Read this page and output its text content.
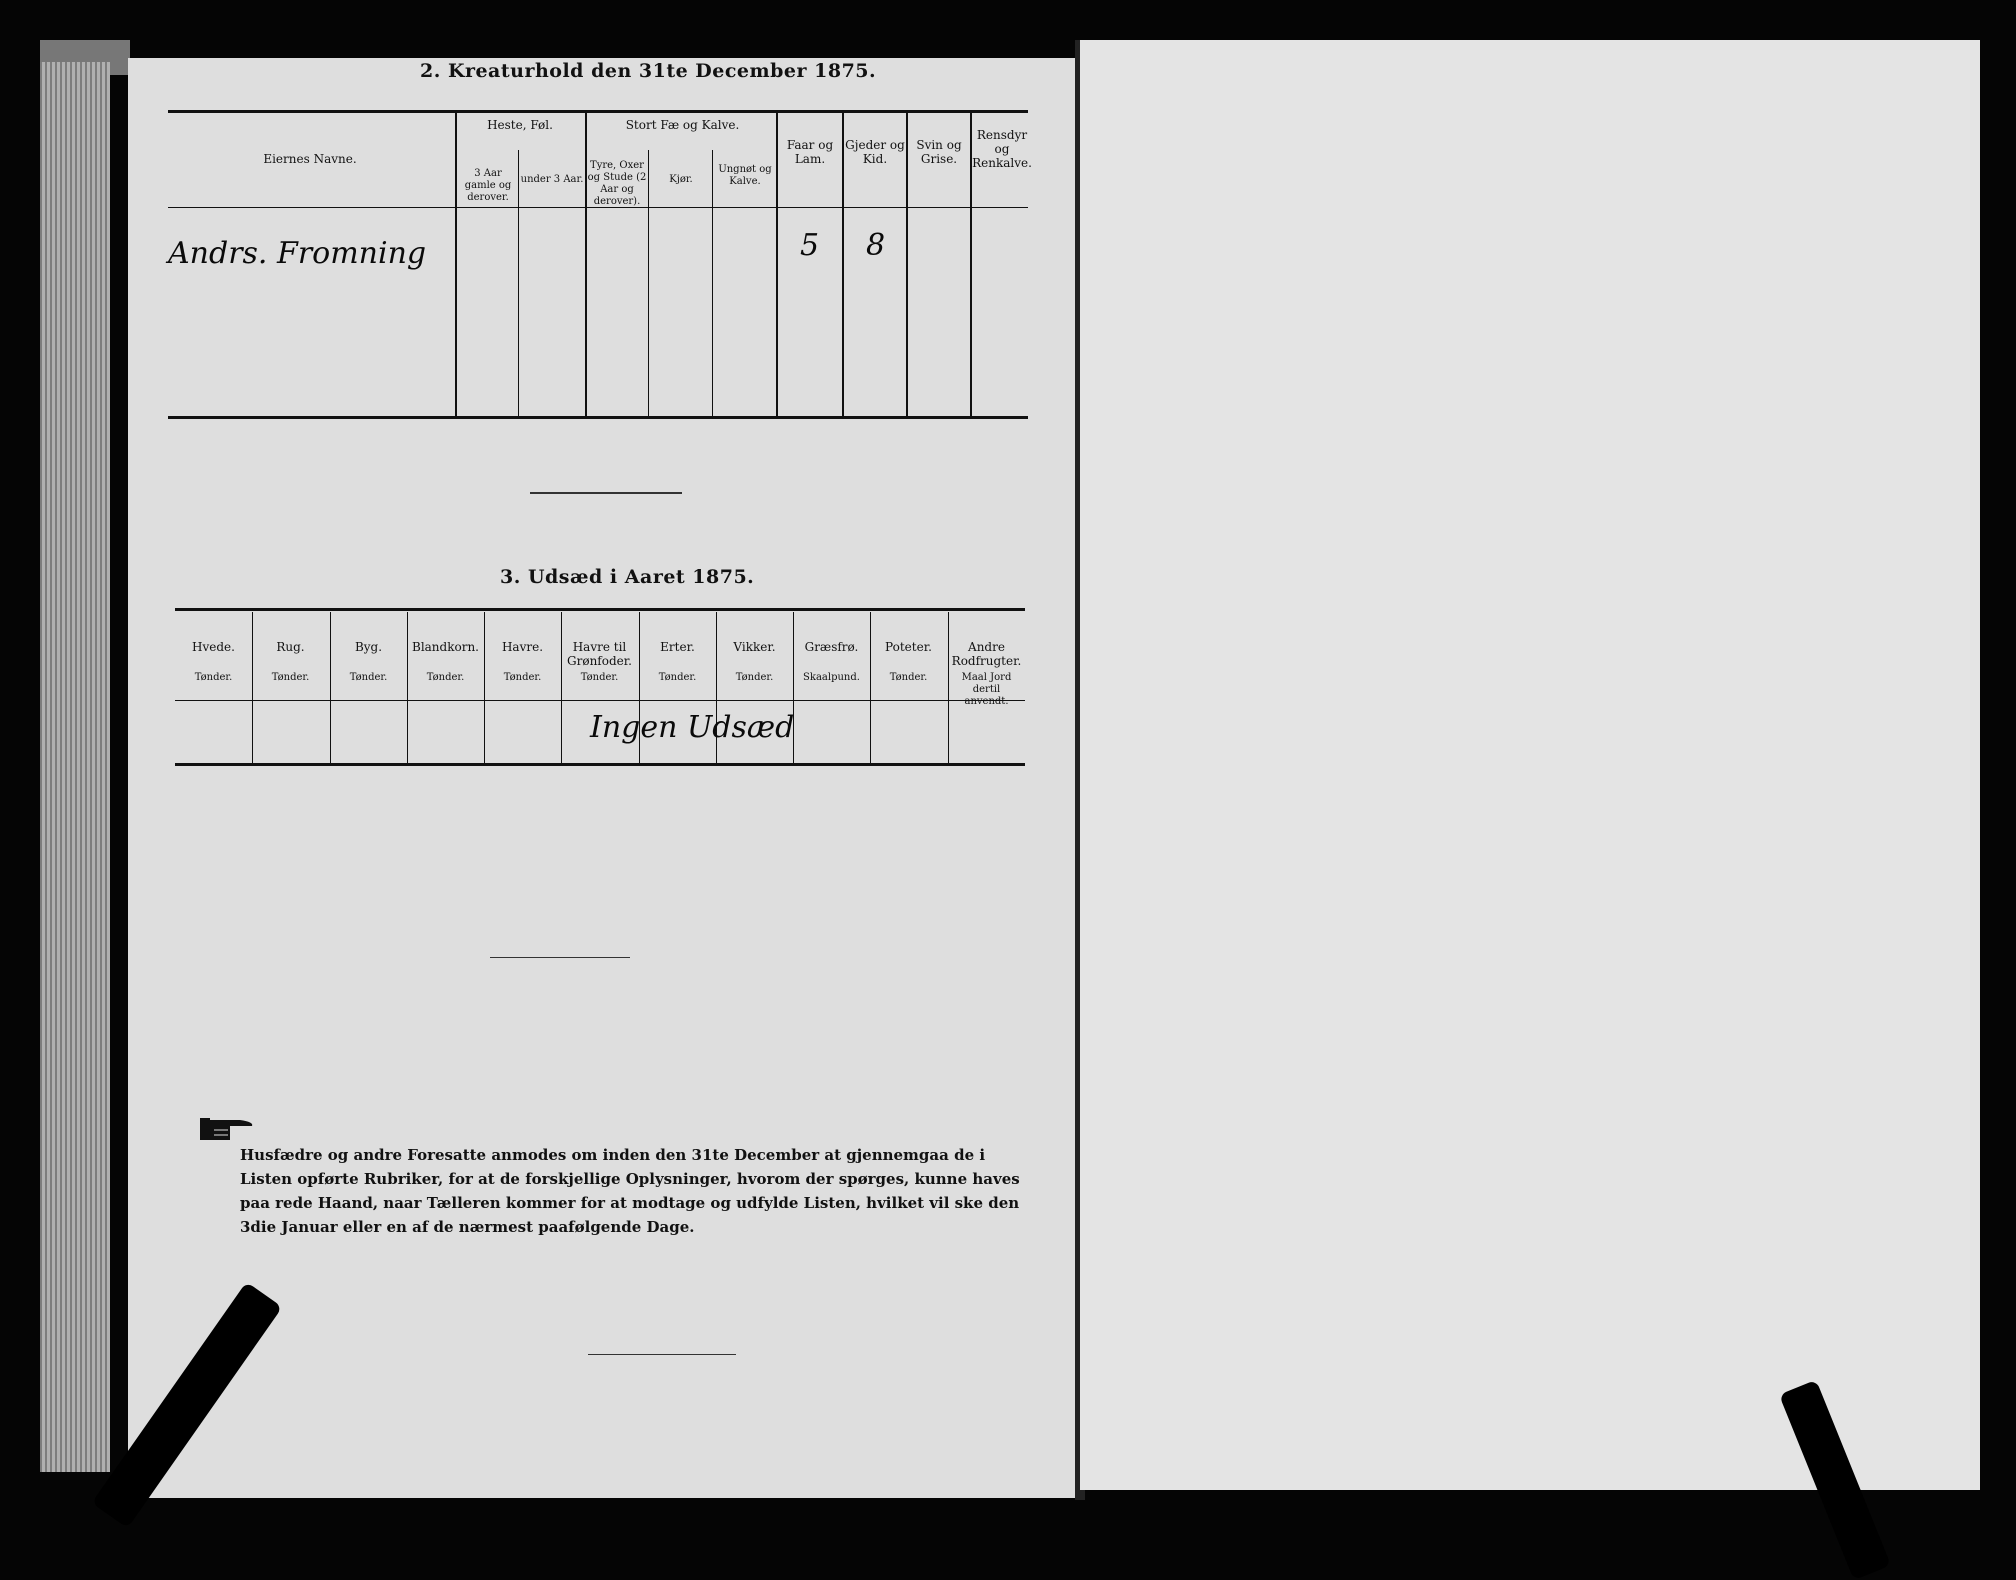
2. Kreaturhold den 31te December 1875.
Eiernes Navne.
Heste, Føl.
3 Aar gamle og derover.
under 3 Aar.
Stort Fæ og Kalve.
Tyre, Oxer og Stude (2 Aar og derover).
Kjør.
Ungnøt og Kalve.
Faar og Lam.
Gjeder og Kid.
Svin og Grise.
Rensdyr og Renkalve.
Andrs. Fromning	5 8
3. Udsæd i Aaret 1875.
Hvede.
Tønder.
Rug.
Tønder.
Byg.
Tønder.
Blandkorn.
Tønder.
Havre.
Tønder.
Havre til Grønfoder.
Tønder.
Erter.
Tønder.
Vikker.
Tønder.
Græsfrø.
Skaalpund.
Poteter.
Tønder.
Andre Rodfrugter.
Maal Jord dertil anvendt.
Ingen Udsæd
Husfædre og andre Foresatte anmodes om inden den 31te December at gjennemgaa de i Listen opførte Rubriker, for at de forskjellige Oplysninger, hvorom der spørges, kunne haves paa rede Haand, naar Tælleren kommer for at modtage og udfylde Listen, hvilket vil ske den 3die Januar eller en af de nærmest paafølgende Dage.
